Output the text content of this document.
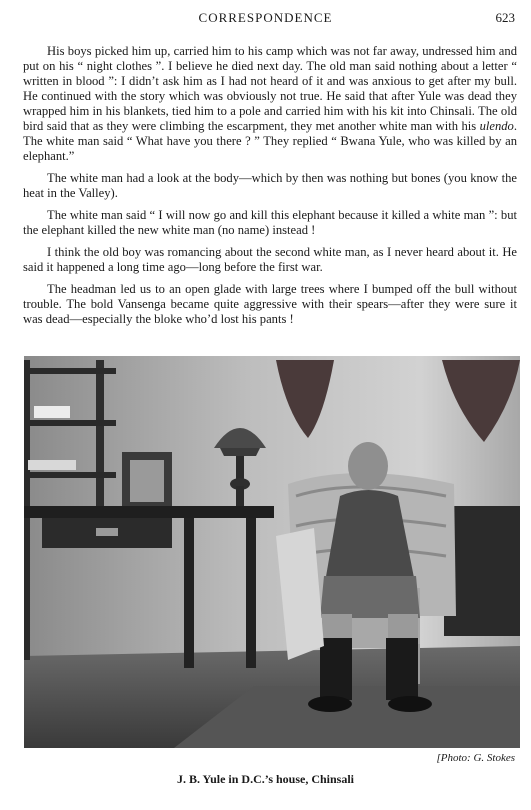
CORRESPONDENCE	623

His boys picked him up, carried him to his camp which was not far away, undressed him and put on his “ night clothes ”. I believe he died next day. The old man said nothing about a letter “ written in blood ”: I didn’t ask him as I had not heard of it and was anxious to get after my bull. He continued with the story which was obviously not true. He said that after Yule was dead they wrapped him in his blankets, tied him to a pole and carried him with his kit into Chinsali. The old bird said that as they were climbing the escarpment, they met another white man with his ulendo. The white man said “ What have you there ? ” They replied “ Bwana Yule, who was killed by an elephant.”

The white man had a look at the body—which by then was nothing but bones (you know the heat in the Valley).

The white man said “ I will now go and kill this elephant because it killed a white man ”: but the elephant killed the new white man (no name) instead !

I think the old boy was romancing about the second white man, as I never heard about it. He said it happened a long time ago—long before the first war.

The headman led us to an open glade with large trees where I bumped off the bull without trouble. The bold Vansenga became quite aggressive with their spears—after they were sure it was dead—especially the bloke who’d lost his pants !

[Photo: G. Stokes
J. B. Yule in D.C.’s house, Chinsali
